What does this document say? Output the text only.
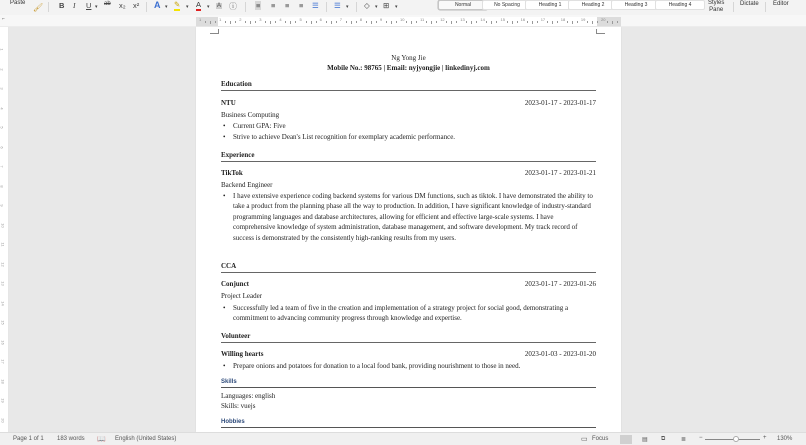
Paste 🖌 B I U ▾ ab x₂ x² A ▾ ✎ ▾ A ▾ A ⓘ	≡ ≡ ≡ ≡ ☰ ☰ ▾ ◇ ▾ ⊞ ▾	Normal	No Spacing	Heading 1	Heading 2	Heading 3	Heading 4	Styles
Pane
Dictate Editor
⌐	1	1	2	3	4	5	6	7	8	9	10	11	12	13	14	15	16	17	18	19	20
1
2
3
4
5
6
7
8
9
10
11
12
13
14
15
16
17
18
19
20
Ng Yong Jie
Mobile No.: 98765 | Email: nyjyongjie | linkedinyj.com
Education
NTU	2023-01-17 - 2023-01-17
Business Computing
• Current GPA: Five
• Strive to achieve Dean's List recognition for exemplary academic performance.
Experience
TikTok	2023-01-17 - 2023-01-21
Backend Engineer
• I have extensive experience coding backend systems for various DM functions, such as tiktok. I have demonstrated the ability to take a product from the planning phase all the way to production. In addition, I have significant knowledge of industry-standard programming languages and database architectures, allowing for efficient and effective large-scale systems. I have comprehensive knowledge of system administration, database management, and software development. My track record of success is demonstrated by the consistently high-ranking results from my users.
CCA
Conjunct	2023-01-17 - 2023-01-26
Project Leader
• Successfully led a team of five in the creation and implementation of a strategy project for social good, demonstrating a commitment to advancing community progress through knowledge and expertise.
Volunteer
Willing hearts	2023-01-03 - 2023-01-20
• Prepare onions and potatoes for donation to a local food bank, providing nourishment to those in need.
Skills
Languages: english
Skills: vuejs
Hobbies
Page 1 of 1 183 words 📖 English (United States)	▭ Focus	▤ ⧉	≣ −	+ 130%
